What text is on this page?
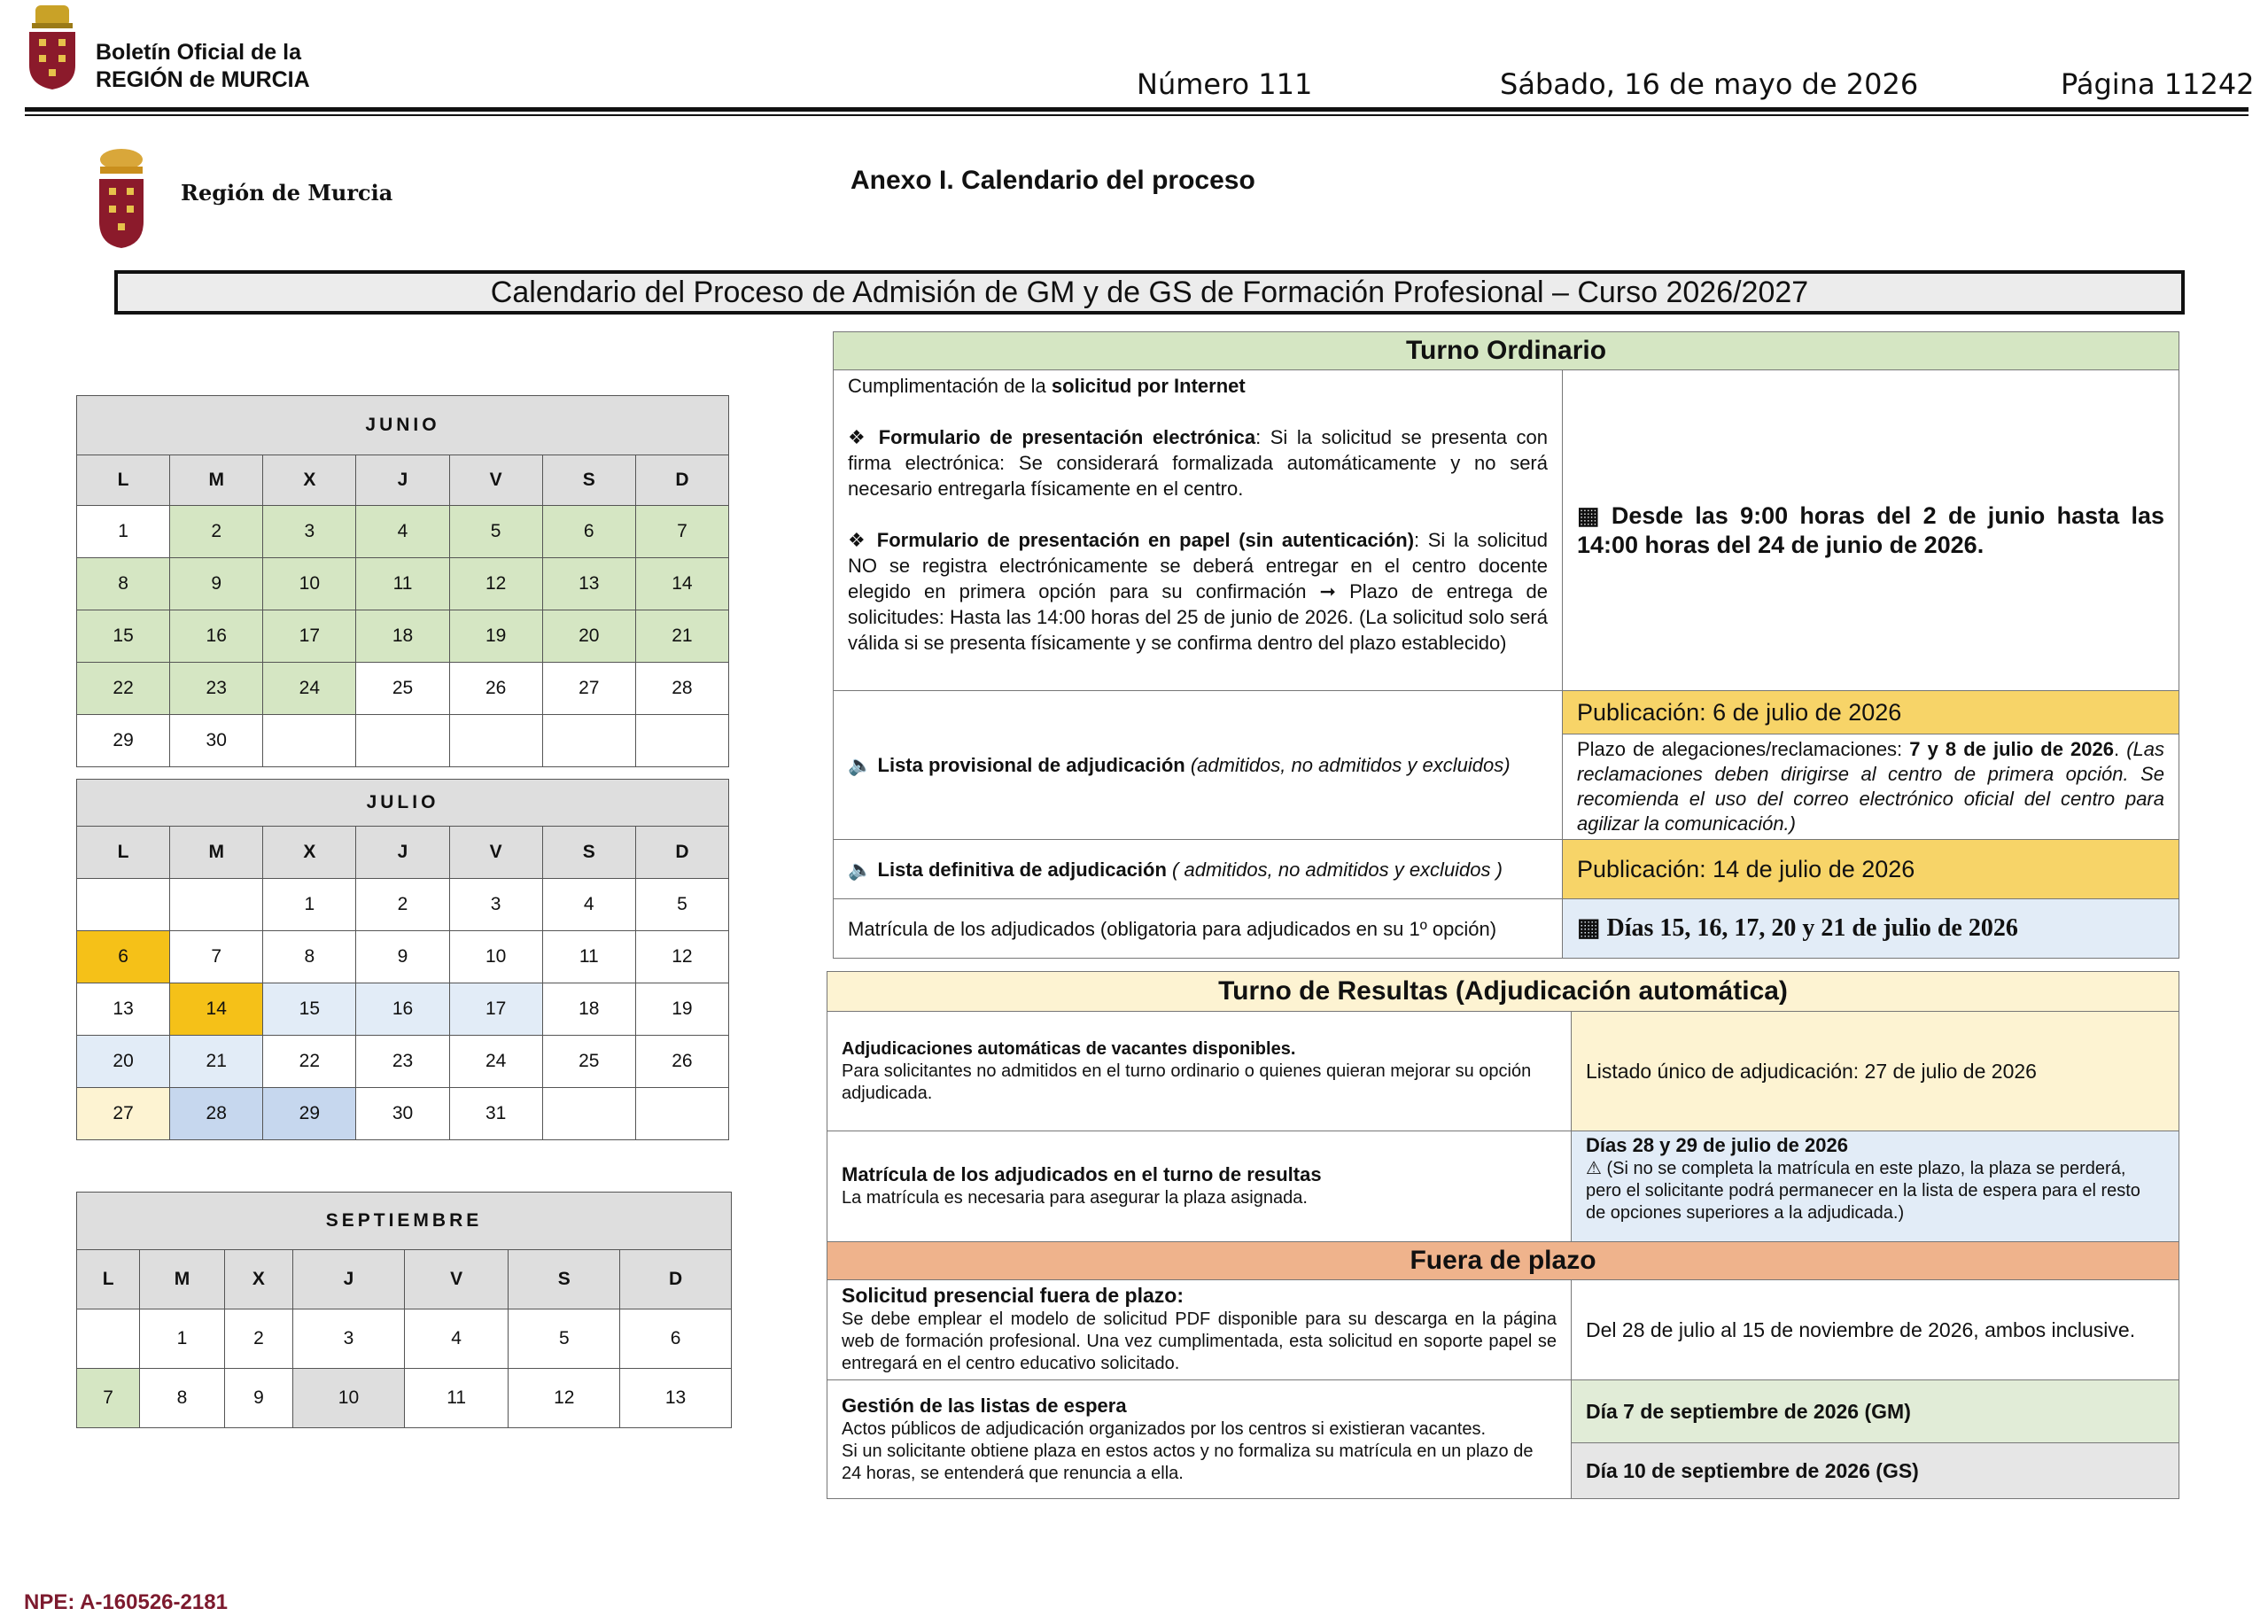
Boletín Oficial de la
REGIÓN de MURCIA	Número 111	Sábado, 16 de mayo de 2026	Página 11242
Región de Murcia	Anexo I. Calendario del proceso
Calendario del Proceso de Admisión de GM y de GS de Formación Profesional – Curso 2026/2027
JUNIO						
L	M	X	J	V	S	D
1	2	3	4	5	6	7
8	9	10	11	12	13	14
15	16	17	18	19	20	21
22	23	24	25	26	27	28
29	30					
JULIO						
L	M	X	J	V	S	D
		1	2	3	4	5
6	7	8	9	10	11	12
13	14	15	16	17	18	19
20	21	22	23	24	25	26
27	28	29	30	31		
SEPTIEMBRE						
L	M	X	J	V	S	D
	1	2	3	4	5	6
7	8	9	10	11	12	13
Turno Ordinario	

Cumplimentación de la solicitud por Internet
❖ Formulario de presentación electrónica: Si la solicitud se presenta con firma electrónica: Se considerará formalizada automáticamente y no será necesario entregarla físicamente en el centro.
❖ Formulario de presentación en papel (sin autenticación): Si la solicitud NO se registra electrónicamente se deberá entregar en el centro docente elegido en primera opción para su confirmación ➞ Plazo de entrega de solicitudes: Hasta las 14:00 horas del 25 de junio de 2026. (La solicitud solo será válida si se presenta físicamente y se confirma dentro del plazo establecido)	▦ Desde las 9:00 horas del 2 de junio hasta las 14:00 horas del 24 de junio de 2026.
🔈 Lista provisional de adjudicación (admitidos, no admitidos y excluidos)	Publicación: 6 de julio de 2026
	Plazo de alegaciones/reclamaciones: 7 y 8 de julio de 2026. (Las reclamaciones deben dirigirse al centro de primera opción. Se recomienda el uso del correo electrónico oficial del centro para agilizar la comunicación.)
🔈 Lista definitiva de adjudicación ( admitidos, no admitidos y excluidos )	Publicación: 14 de julio de 2026
Matrícula de los adjudicados (obligatoria para adjudicados en su 1º opción)	▦ Días 15, 16, 17, 20 y 21 de julio de 2026
Turno de Resultas (Adjudicación automática)	
Adjudicaciones automáticas de vacantes disponibles.
Para solicitantes no admitidos en el turno ordinario o quienes quieran mejorar su opción adjudicada.	Listado único de adjudicación: 27 de julio de 2026
Matrícula de los adjudicados en el turno de resultas
La matrícula es necesaria para asegurar la plaza asignada.	Días 28 y 29 de julio de 2026
⚠ (Si no se completa la matrícula en este plazo, la plaza se perderá, pero el solicitante podrá permanecer en la lista de espera para el resto de opciones superiores a la adjudicada.)
Fuera de plazo	
Solicitud presencial fuera de plazo:
Se debe emplear el modelo de solicitud PDF disponible para su descarga en la página web de formación profesional. Una vez cumplimentada, esta solicitud en soporte papel se entregará en el centro educativo solicitado.	Del 28 de julio al 15 de noviembre de 2026, ambos inclusive.
Gestión de las listas de espera
Actos públicos de adjudicación organizados por los centros si existieran vacantes.
Si un solicitante obtiene plaza en estos actos y no formaliza su matrícula en un plazo de 24 horas, se entenderá que renuncia a ella.	Día 7 de septiembre de 2026 (GM)
	Día 10 de septiembre de 2026 (GS)
NPE: A-160526-2181
